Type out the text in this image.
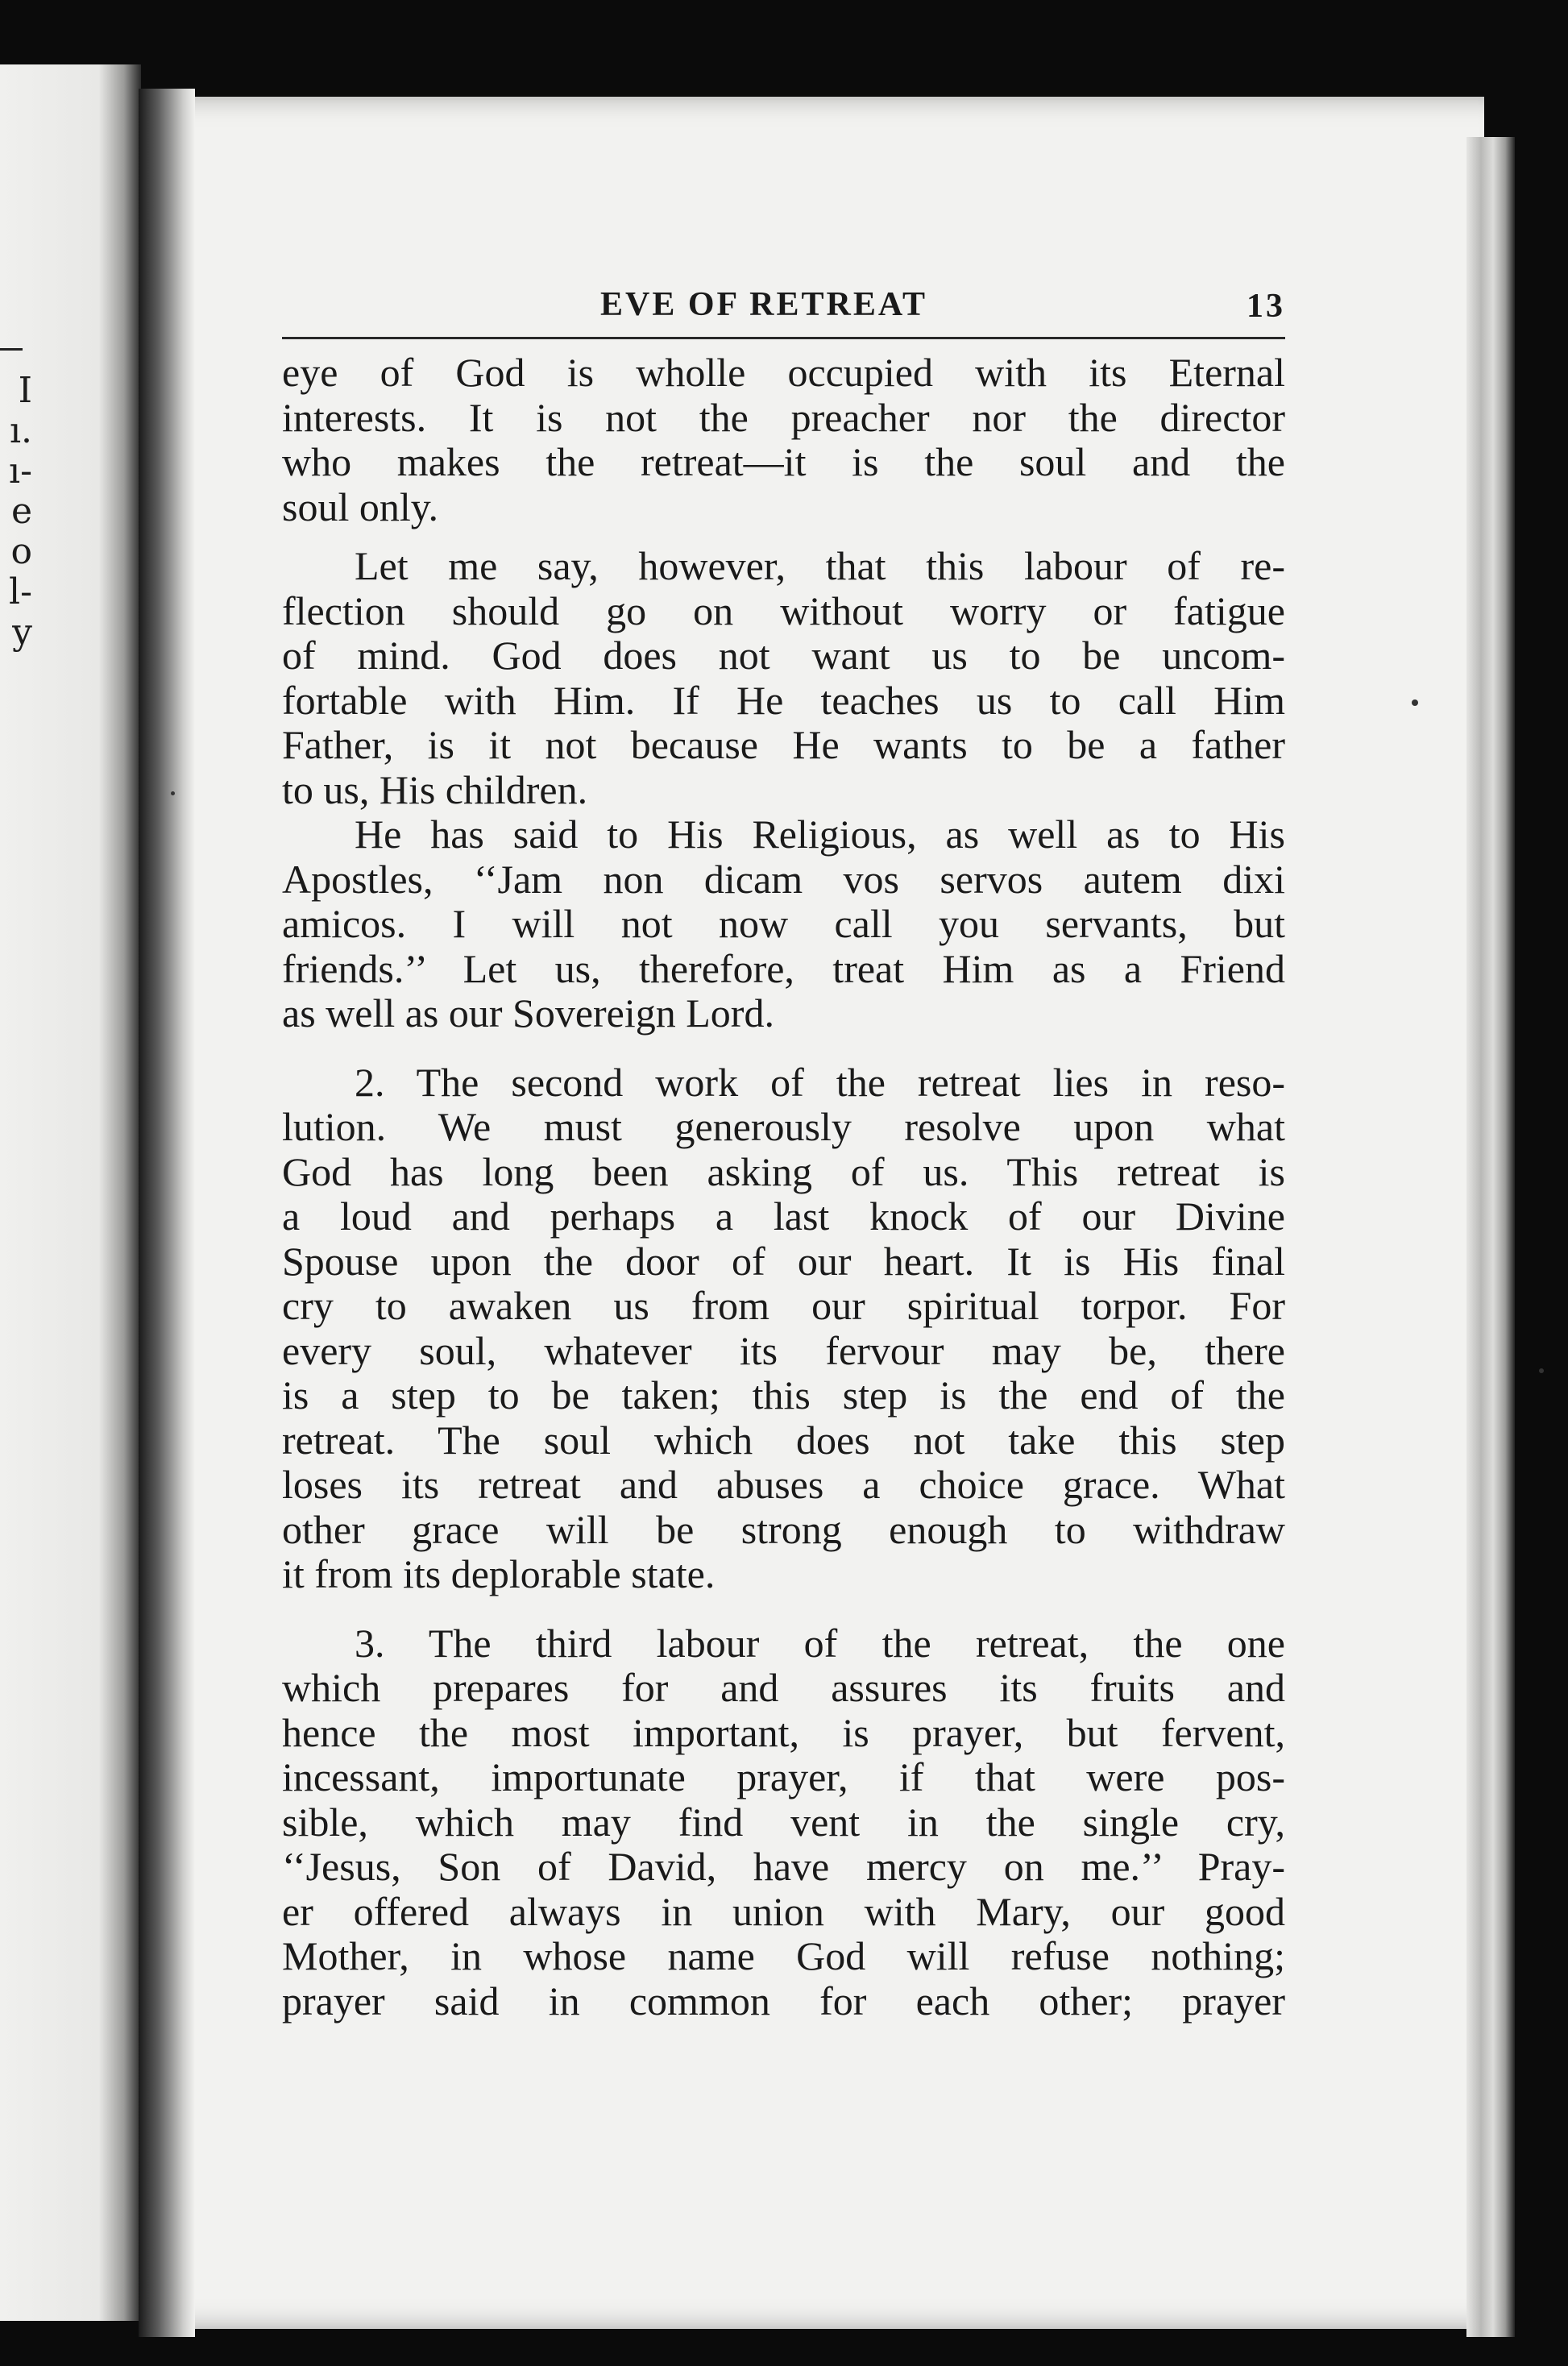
I
ı.
ı-
e
o
l-
y
EVE OF RETREAT	13

eye of God is wholle occupied with its Eternal
interests. It is not the preacher nor the director
who makes the retreat—it is the soul and the
soul only.

Let me say, however, that this labour of re-
flection should go on without worry or fatigue
of mind. God does not want us to be uncom-
fortable with Him. If He teaches us to call Him
Father, is it not because He wants to be a father
to us, His children.

He has said to His Religious, as well as to His
Apostles, ‘‘Jam non dicam vos servos autem dixi
amicos. I will not now call you servants, but
friends.’’ Let us, therefore, treat Him as a Friend
as well as our Sovereign Lord.

2. The second work of the retreat lies in reso-
lution. We must generously resolve upon what
God has long been asking of us. This retreat is
a loud and perhaps a last knock of our Divine
Spouse upon the door of our heart. It is His final
cry to awaken us from our spiritual torpor. For
every soul, whatever its fervour may be, there
is a step to be taken; this step is the end of the
retreat. The soul which does not take this step
loses its retreat and abuses a choice grace. What
other grace will be strong enough to withdraw
it from its deplorable state.

3. The third labour of the retreat, the one
which prepares for and assures its fruits and
hence the most important, is prayer, but fervent,
incessant, importunate prayer, if that were pos-
sible, which may find vent in the single cry,
‘‘Jesus, Son of David, have mercy on me.’’ Pray-
er offered always in union with Mary, our good
Mother, in whose name God will refuse nothing;
prayer said in common for each other; prayer
